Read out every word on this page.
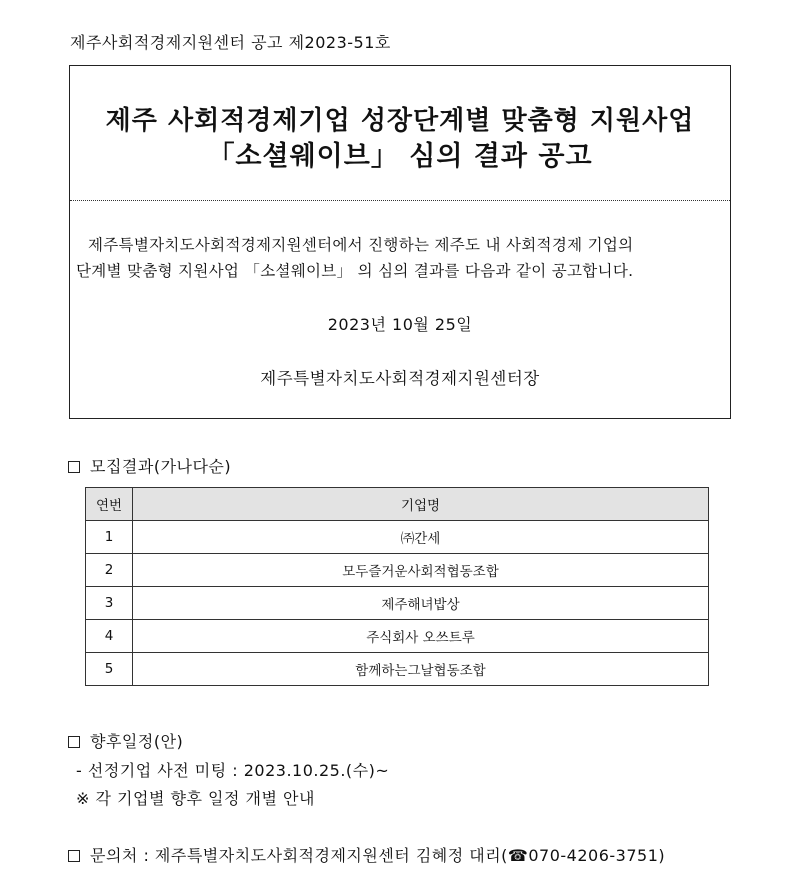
제주사회적경제지원센터 공고 제2023-51호
제주 사회적경제기업 성장단계별 맞춤형 지원사업
「소셜웨이브」 심의 결과 공고

제주특별자치도사회적경제지원센터에서 진행하는 제주도 내 사회적경제 기업의

단계별 맞춤형 지원사업 「소셜웨이브」 의 심의 결과를 다음과 같이 공고합니다.

2023년 10월 25일
제주특별자치도사회적경제지원센터장
모집결과(가나다순)
연번	기업명
1	㈜간세
2	모두즐거운사회적협동조합
3	제주해녀밥상
4	주식회사 오쓰트루
5	함께하는그날협동조합
향후일정(안)
- 선정기업 사전 미팅 : 2023.10.25.(수)~
※ 각 기업별 향후 일정 개별 안내
문의처 : 제주특별자치도사회적경제지원센터 김혜정 대리(☎070-4206-3751)
